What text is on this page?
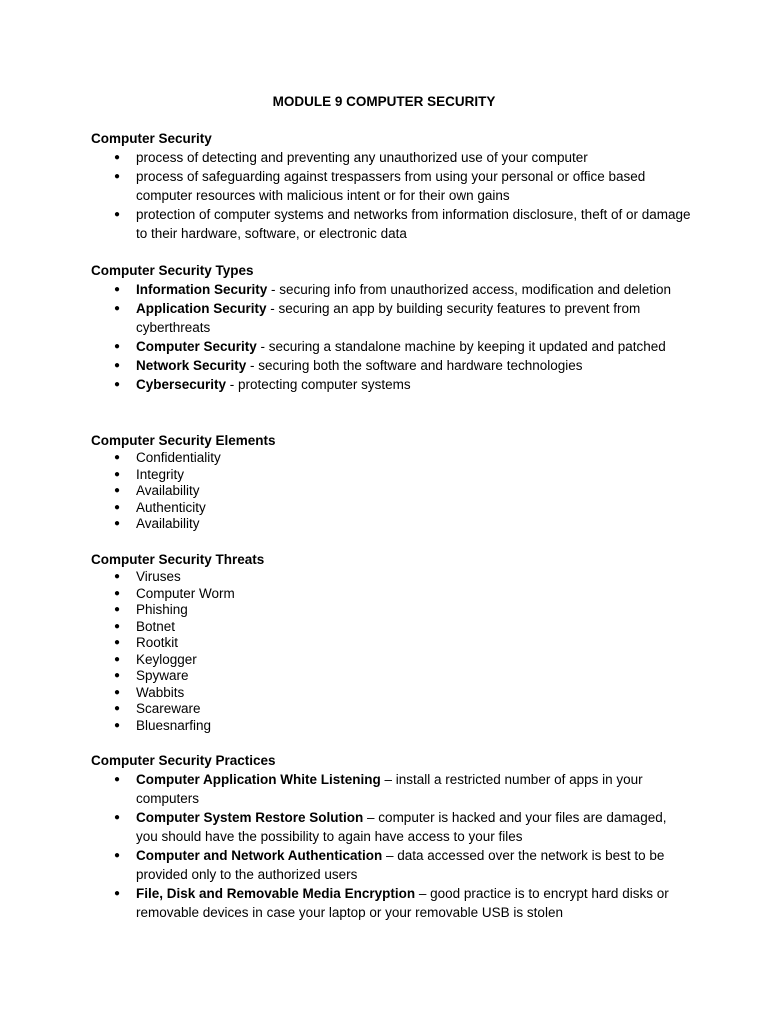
MODULE 9 COMPUTER SECURITY
Computer Security
● process of detecting and preventing any unauthorized use of your computer
● process of safeguarding against trespassers from using your personal or office based computer resources with malicious intent or for their own gains
● protection of computer systems and networks from information disclosure, theft of or damage to their hardware, software, or electronic data
Computer Security Types
● Information Security - securing info from unauthorized access, modification and deletion
● Application Security - securing an app by building security features to prevent from cyberthreats
● Computer Security - securing a standalone machine by keeping it updated and patched
● Network Security - securing both the software and hardware technologies
● Cybersecurity - protecting computer systems
Computer Security Elements
● Confidentiality
● Integrity
● Availability
● Authenticity
● Availability
Computer Security Threats
● Viruses
● Computer Worm
● Phishing
● Botnet
● Rootkit
● Keylogger
● Spyware
● Wabbits
● Scareware
● Bluesnarfing
Computer Security Practices
● Computer Application White Listening – install a restricted number of apps in your computers
● Computer System Restore Solution – computer is hacked and your files are damaged, you should have the possibility to again have access to your files
● Computer and Network Authentication – data accessed over the network is best to be provided only to the authorized users
● File, Disk and Removable Media Encryption – good practice is to encrypt hard disks or removable devices in case your laptop or your removable USB is stolen
